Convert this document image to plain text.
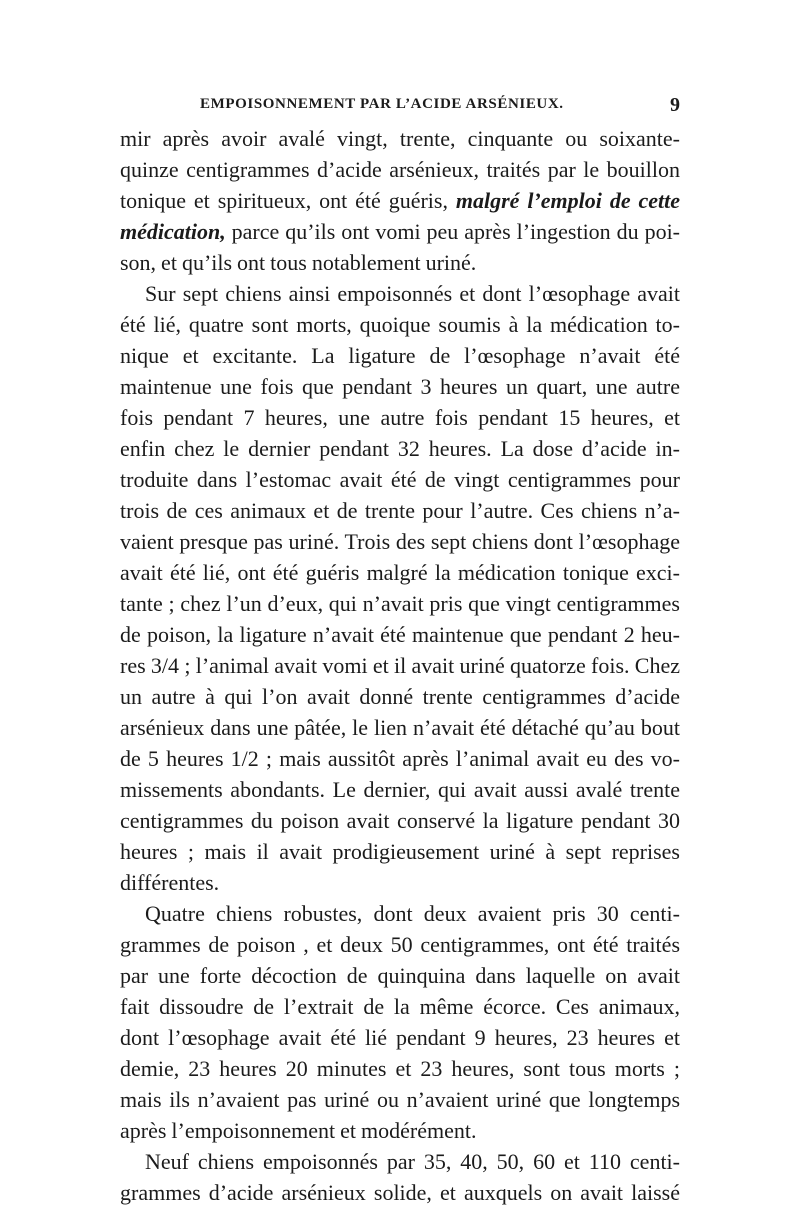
EMPOISONNEMENT PAR L’ACIDE ARSÉNIEUX.	9
mir après avoir avalé vingt, trente, cinquante ou soixante-
quinze centigrammes d’acide arsénieux, traités par le bouillon
tonique et spiritueux, ont été guéris, malgré l’emploi de cette
médication, parce qu’ils ont vomi peu après l’ingestion du poi-
son, et qu’ils ont tous notablement uriné.
Sur sept chiens ainsi empoisonnés et dont l’œsophage avait
été lié, quatre sont morts, quoique soumis à la médication to-
nique et excitante. La ligature de l’œsophage n’avait été
maintenue une fois que pendant 3 heures un quart, une autre
fois pendant 7 heures, une autre fois pendant 15 heures, et
enfin chez le dernier pendant 32 heures. La dose d’acide in-
troduite dans l’estomac avait été de vingt centigrammes pour
trois de ces animaux et de trente pour l’autre. Ces chiens n’a-
vaient presque pas uriné. Trois des sept chiens dont l’œsophage
avait été lié, ont été guéris malgré la médication tonique exci-
tante ; chez l’un d’eux, qui n’avait pris que vingt centigrammes
de poison, la ligature n’avait été maintenue que pendant 2 heu-
res 3/4 ; l’animal avait vomi et il avait uriné quatorze fois. Chez
un autre à qui l’on avait donné trente centigrammes d’acide
arsénieux dans une pâtée, le lien n’avait été détaché qu’au bout
de 5 heures 1/2 ; mais aussitôt après l’animal avait eu des vo-
missements abondants. Le dernier, qui avait aussi avalé trente
centigrammes du poison avait conservé la ligature pendant 30
heures ; mais il avait prodigieusement uriné à sept reprises
différentes.
Quatre chiens robustes, dont deux avaient pris 30 centi-
grammes de poison , et deux 50 centigrammes, ont été traités
par une forte décoction de quinquina dans laquelle on avait
fait dissoudre de l’extrait de la même écorce. Ces animaux,
dont l’œsophage avait été lié pendant 9 heures, 23 heures et
demie, 23 heures 20 minutes et 23 heures, sont tous morts ;
mais ils n’avaient pas uriné ou n’avaient uriné que longtemps
après l’empoisonnement et modérément.
Neuf chiens empoisonnés par 35, 40, 50, 60 et 110 centi-
grammes d’acide arsénieux solide, et auxquels on avait laissé
